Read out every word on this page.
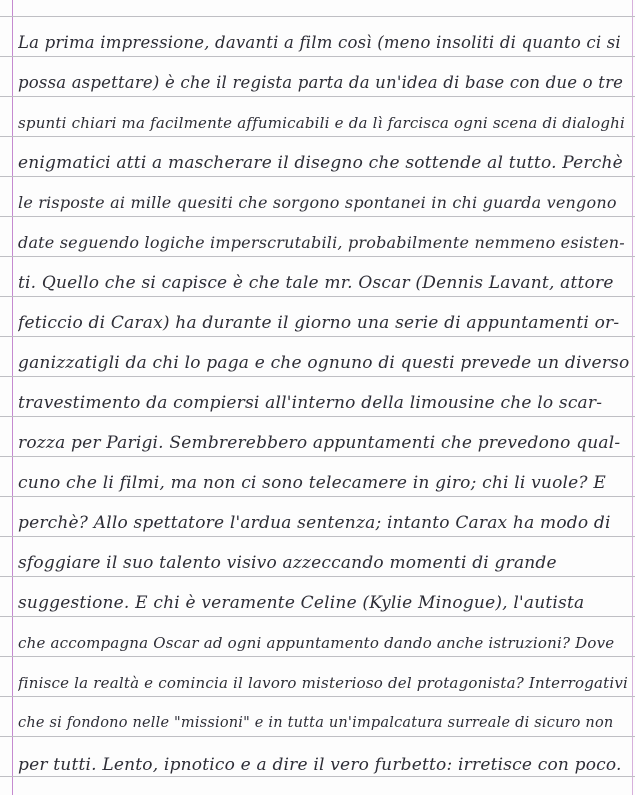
La prima impressione, davanti a film così (meno insoliti di quanto ci si
possa aspettare) è che il regista parta da un'idea di base con due o tre
spunti chiari ma facilmente affumicabili e da lì farcisca ogni scena di dialoghi
enigmatici atti a mascherare il disegno che sottende al tutto. Perchè
le risposte ai mille quesiti che sorgono spontanei in chi guarda vengono
date seguendo logiche imperscrutabili, probabilmente nemmeno esisten-
ti. Quello che si capisce è che tale mr. Oscar (Dennis Lavant, attore
feticcio di Carax) ha durante il giorno una serie di appuntamenti or-
ganizzatigli da chi lo paga e che ognuno di questi prevede un diverso
travestimento da compiersi all'interno della limousine che lo scar-
rozza per Parigi. Sembrerebbero appuntamenti che prevedono qual-
cuno che li filmi, ma non ci sono telecamere in giro; chi li vuole? E
perchè? Allo spettatore l'ardua sentenza; intanto Carax ha modo di
sfoggiare il suo talento visivo azzeccando momenti di grande
suggestione. E chi è veramente Celine (Kylie Minogue), l'autista
che accompagna Oscar ad ogni appuntamento dando anche istruzioni? Dove
finisce la realtà e comincia il lavoro misterioso del protagonista? Interrogativi
che si fondono nelle "missioni" e in tutta un'impalcatura surreale di sicuro non
per tutti. Lento, ipnotico e a dire il vero furbetto: irretisce con poco.
